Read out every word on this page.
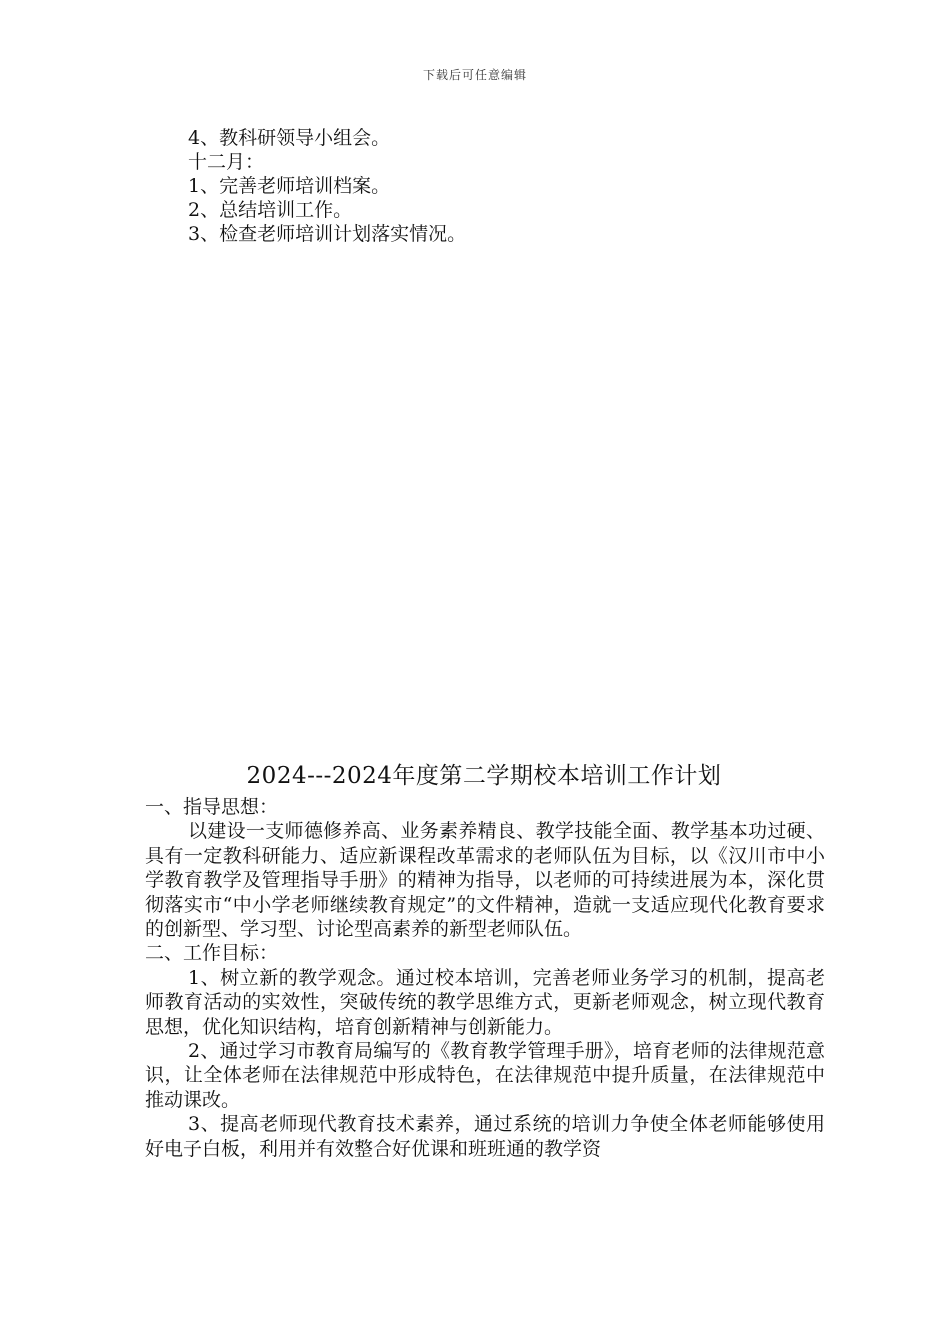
下载后可任意编辑
4、教科研领导小组会。
十二月：
1、完善老师培训档案。
2、总结培训工作。
3、检查老师培训计划落实情况。
2024---2024年度第二学期校本培训工作计划
一、指导思想：
以建设一支师德修养高、业务素养精良、教学技能全面、教学基本功过硬、具有一定教科研能力、适应新课程改革需求的老师队伍为目标，以《汉川市中小学教育教学及管理指导手册》的精神为指导，以老师的可持续进展为本，深化贯彻落实市“中小学老师继续教育规定”的文件精神，造就一支适应现代化教育要求的创新型、学习型、讨论型高素养的新型老师队伍。
二、工作目标：
1、树立新的教学观念。通过校本培训，完善老师业务学习的机制，提高老师教育活动的实效性，突破传统的教学思维方式，更新老师观念，树立现代教育思想，优化知识结构，培育创新精神与创新能力。
2、通过学习市教育局编写的《教育教学管理手册》，培育老师的法律规范意识，让全体老师在法律规范中形成特色，在法律规范中提升质量，在法律规范中推动课改。
3、提高老师现代教育技术素养，通过系统的培训力争使全体老师能够使用好电子白板，利用并有效整合好优课和班班通的教学资
